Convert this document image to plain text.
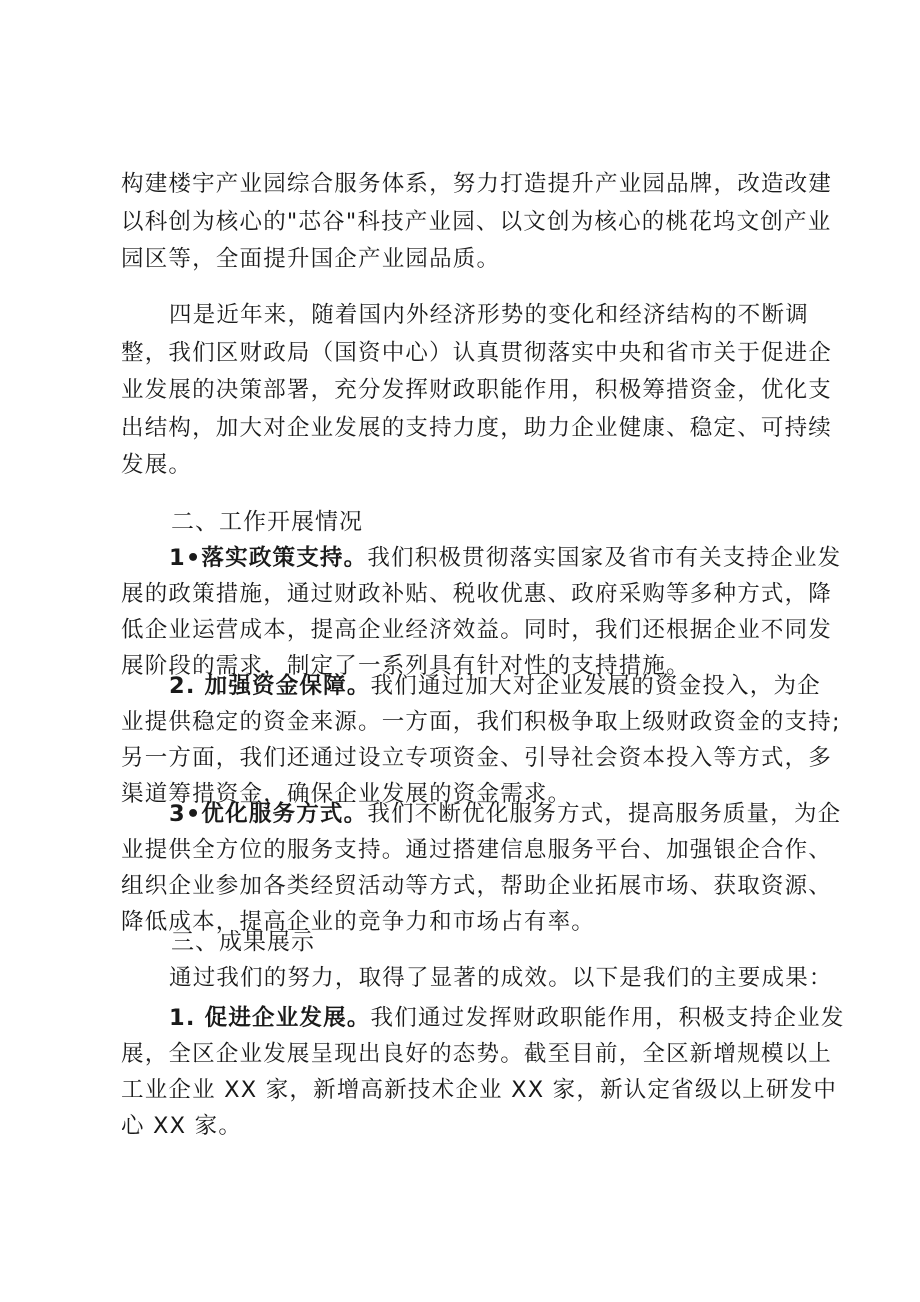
构建楼宇产业园综合服务体系，努力打造提升产业园品牌，改造改建
以科创为核心的"芯谷"科技产业园、以文创为核心的桃花坞文创产业
园区等，全面提升国企产业园品质。
四是近年来，随着国内外经济形势的变化和经济结构的不断调
整，我们区财政局（国资中心）认真贯彻落实中央和省市关于促进企
业发展的决策部署，充分发挥财政职能作用，积极筹措资金，优化支
出结构，加大对企业发展的支持力度，助力企业健康、稳定、可持续
发展。
二、工作开展情况
1•落实政策支持。我们积极贯彻落实国家及省市有关支持企业发
展的政策措施，通过财政补贴、税收优惠、政府采购等多种方式，降
低企业运营成本，提高企业经济效益。同时，我们还根据企业不同发
展阶段的需求，制定了一系列具有针对性的支持措施。
2. 加强资金保障。我们通过加大对企业发展的资金投入，为企
业提供稳定的资金来源。一方面，我们积极争取上级财政资金的支持;
另一方面，我们还通过设立专项资金、引导社会资本投入等方式，多
渠道筹措资金，确保企业发展的资金需求。
3•优化服务方式。我们不断优化服务方式，提高服务质量，为企
业提供全方位的服务支持。通过搭建信息服务平台、加强银企合作、
组织企业参加各类经贸活动等方式，帮助企业拓展市场、获取资源、
降低成本，提高企业的竞争力和市场占有率。
三、成果展示
通过我们的努力，取得了显著的成效。以下是我们的主要成果：
1. 促进企业发展。我们通过发挥财政职能作用，积极支持企业发
展，全区企业发展呈现出良好的态势。截至目前，全区新增规模以上
工业企业 XX 家，新增高新技术企业 XX 家，新认定省级以上研发中
心 XX 家。
